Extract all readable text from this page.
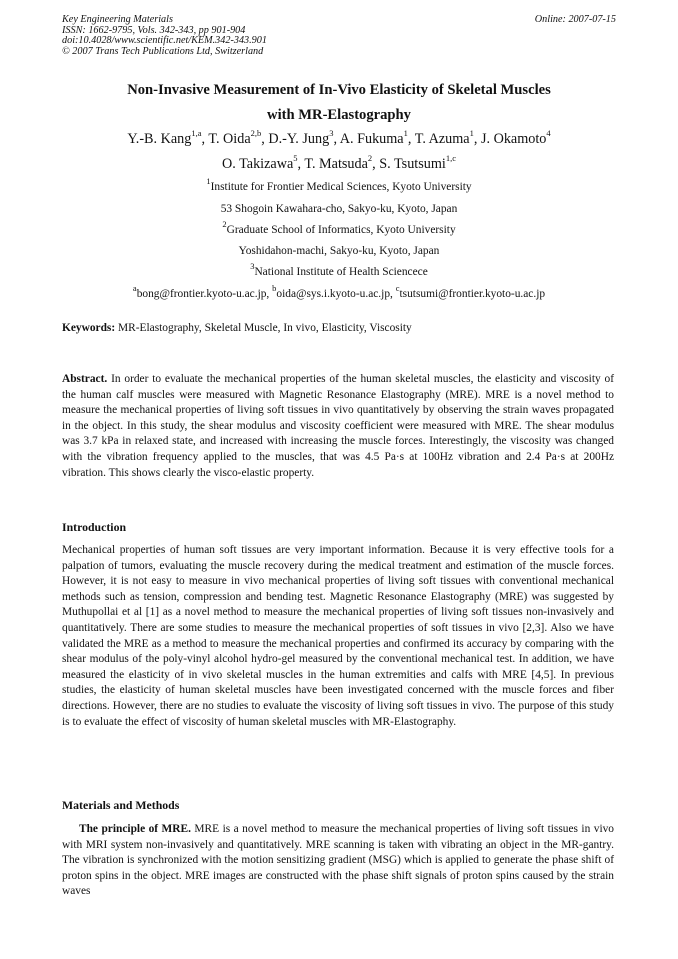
Key Engineering Materials
ISSN: 1662-9795, Vols. 342-343, pp 901-904
doi:10.4028/www.scientific.net/KEM.342-343.901
© 2007 Trans Tech Publications Ltd, Switzerland
Online: 2007-07-15
Non-Invasive Measurement of In-Vivo Elasticity of Skeletal Muscles
with MR-Elastography
Y.-B. Kang$^{1,a}$, T. Oida$^{2,b}$, D.-Y. Jung$^3$, A. Fukuma$^1$, T. Azuma$^1$, J. Okamoto$^4$
O. Takizawa$^5$, T. Matsuda$^2$, S. Tsutsumi$^{1,c}$
$^1$Institute for Frontier Medical Sciences, Kyoto University
53 Shogoin Kawahara-cho, Sakyo-ku, Kyoto, Japan
$^2$Graduate School of Informatics, Kyoto University
Yoshidahon-machi, Sakyo-ku, Kyoto, Japan
$^3$National Institute of Health Sciencece
$^a$bong@frontier.kyoto-u.ac.jp, $^b$oida@sys.i.kyoto-u.ac.jp, $^c$tsutsumi@frontier.kyoto-u.ac.jp
Keywords: MR-Elastography, Skeletal Muscle, In vivo, Elasticity, Viscosity
Abstract. In order to evaluate the mechanical properties of the human skeletal muscles, the elasticity and viscosity of the human calf muscles were measured with Magnetic Resonance Elastography (MRE). MRE is a novel method to measure the mechanical properties of living soft tissues in vivo quantitatively by observing the strain waves propagated in the object. In this study, the shear modulus and viscosity coefficient were measured with MRE. The shear modulus was 3.7 kPa in relaxed state, and increased with increasing the muscle forces. Interestingly, the viscosity was changed with the vibration frequency applied to the muscles, that was 4.5 Pa·s at 100Hz vibration and 2.4 Pa·s at 200Hz vibration. This shows clearly the visco-elastic property.
Introduction
Mechanical properties of human soft tissues are very important information. Because it is very effective tools for a palpation of tumors, evaluating the muscle recovery during the medical treatment and estimation of the muscle forces. However, it is not easy to measure in vivo mechanical properties of living soft tissues with conventional mechanical methods such as tension, compression and bending test. Magnetic Resonance Elastography (MRE) was suggested by Muthupollai et al [1] as a novel method to measure the mechanical properties of living soft tissues non-invasively and quantitatively. There are some studies to measure the mechanical properties of soft tissues in vivo [2,3]. Also we have validated the MRE as a method to measure the mechanical properties and confirmed its accuracy by comparing with the shear modulus of the poly-vinyl alcohol hydro-gel measured by the conventional mechanical test. In addition, we have measured the elasticity of in vivo skeletal muscles in the human extremities and calfs with MRE [4,5]. In previous studies, the elasticity of human skeletal muscles have been investigated concerned with the muscle forces and fiber directions. However, there are no studies to evaluate the viscosity of living soft tissues in vivo. The purpose of this study is to evaluate the effect of viscosity of human skeletal muscles with MR-Elastography.
Materials and Methods
The principle of MRE. MRE is a novel method to measure the mechanical properties of living soft tissues in vivo with MRI system non-invasively and quantitatively. MRE scanning is taken with vibrating an object in the MR-gantry. The vibration is synchronized with the motion sensitizing gradient (MSG) which is applied to generate the phase shift of proton spins in the object. MRE images are constructed with the phase shift signals of proton spins caused by the strain waves
